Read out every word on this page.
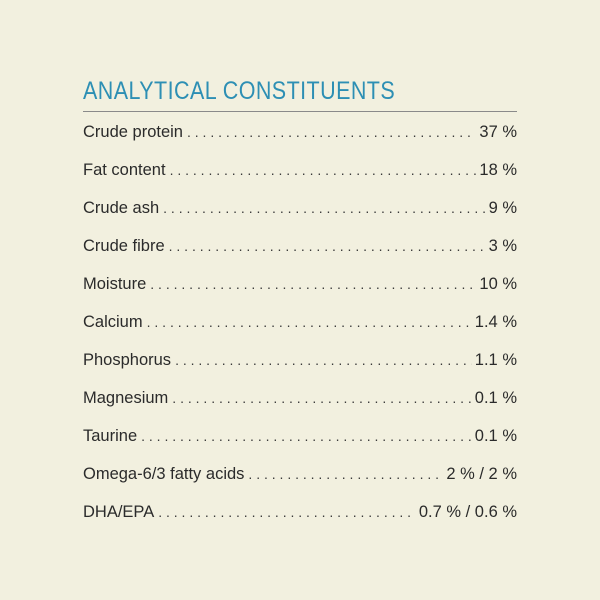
ANALYTICAL CONSTITUENTS
Crude protein . . .	37 %
Fat content . . .	18 %
Crude ash . . .	9 %
Crude fibre . . .	3 %
Moisture . . .	10 %
Calcium . . .	1.4 %
Phosphorus . . .	1.1 %
Magnesium . . .	0.1 %
Taurine . . .	0.1 %
Omega-6/3 fatty acids . . .	2 % / 2 %
DHA/EPA . . .	0.7 % / 0.6 %
